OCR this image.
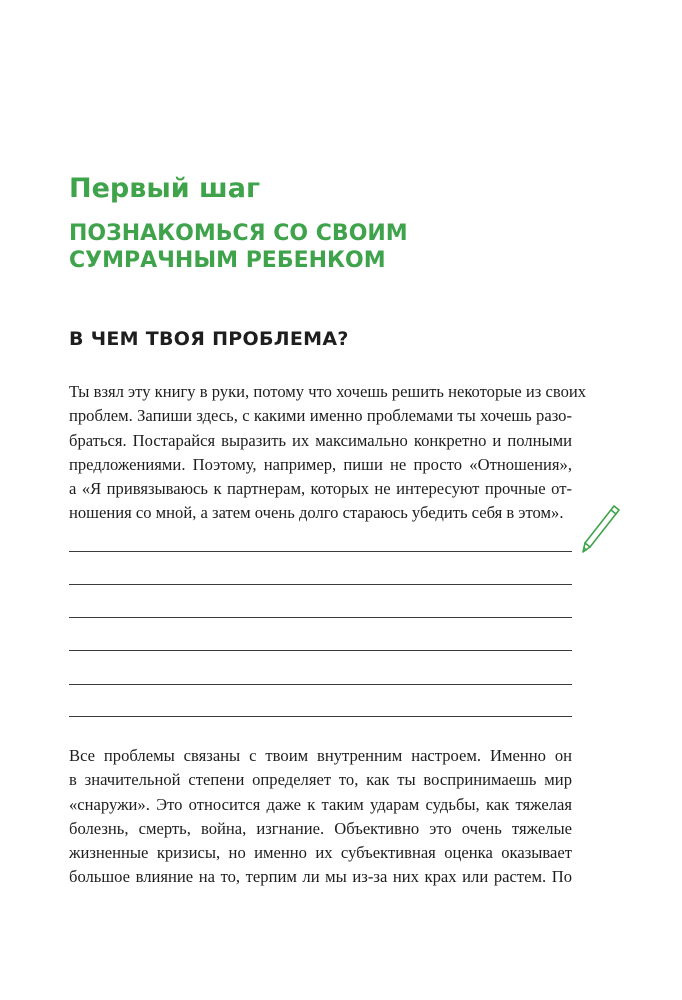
Первый шаг
ПОЗНАКОМЬСЯ СО СВОИМ
СУМРАЧНЫМ РЕБЕНКОМ
В ЧЕМ ТВОЯ ПРОБЛЕМА?

Ты взял эту книгу в руки, потому что хочешь решить некоторые из своих
проблем. Запиши здесь, с какими именно проблемами ты хочешь разо-
браться. Постарайся выразить их максимально конкретно и полными
предложениями. Поэтому, например, пиши не просто «Отношения»,
а «Я привязываюсь к партнерам, которых не интересуют прочные от-
ношения со мной, а затем очень долго стараюсь убедить себя в этом».

Все проблемы связаны с твоим внутренним настроем. Именно он
в значительной степени определяет то, как ты воспринимаешь мир
«снаружи». Это относится даже к таким ударам судьбы, как тяжелая
болезнь, смерть, война, изгнание. Объективно это очень тяжелые
жизненные кризисы, но именно их субъективная оценка оказывает
большое влияние на то, терпим ли мы из-за них крах или растем. По
